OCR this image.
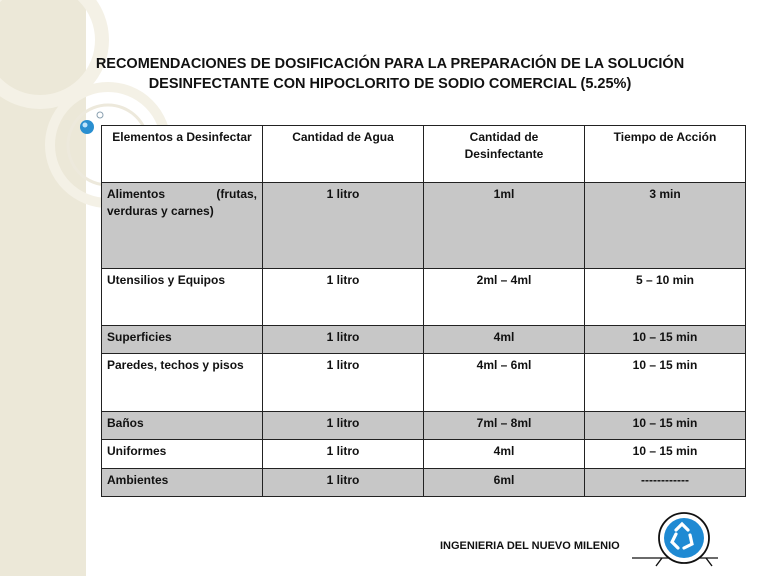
RECOMENDACIONES DE DOSIFICACIÓN PARA LA PREPARACIÓN DE LA SOLUCIÓN
DESINFECTANTE CON HIPOCLORITO DE SODIO COMERCIAL (5.25%)
Elementos a Desinfectar	Cantidad de Agua	Cantidad de Desinfectante	Tiempo de Acción
Alimentos (frutas, verduras y carnes)	1 litro	1ml	3 min
Utensilios y Equipos	1 litro	2ml – 4ml	5 – 10 min
Superficies	1 litro	4ml	10 – 15 min
Paredes, techos y pisos	1 litro	4ml – 6ml	10 – 15 min
Baños	1 litro	7ml – 8ml	10 – 15 min
Uniformes	1 litro	4ml	10 – 15 min
Ambientes	1 litro	6ml	------------
INGENIERIA DEL NUEVO MILENIO
